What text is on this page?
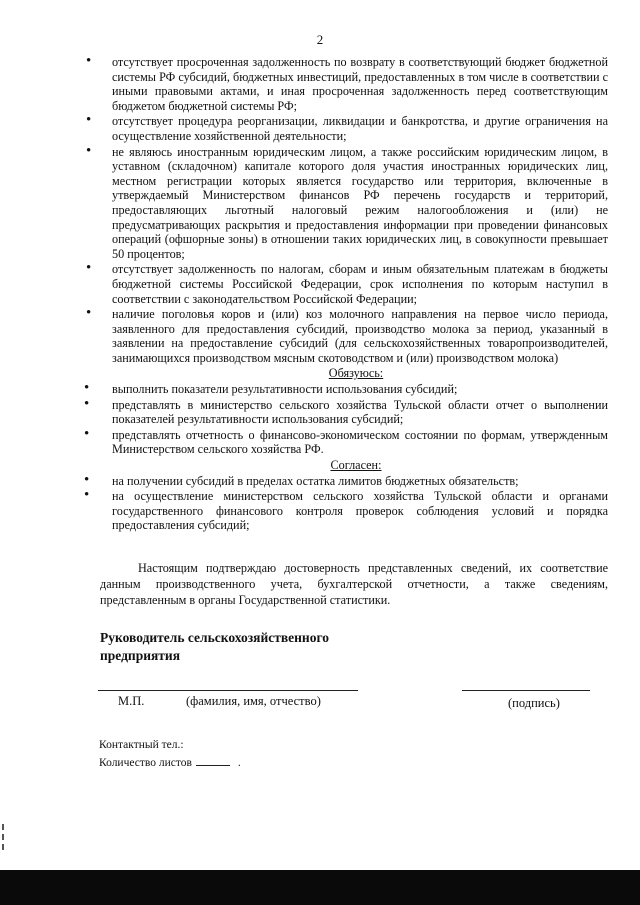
2
• отсутствует просроченная задолженность по возврату в соответствующий бюджет бюджетной системы РФ субсидий, бюджетных инвестиций, предоставленных в том числе в соответствии с иными правовыми актами, и иная просроченная задолженность перед соответствующим бюджетом бюджетной системы РФ;
• отсутствует процедура реорганизации, ликвидации и банкротства, и другие ограничения на осуществление хозяйственной деятельности;
• не являюсь иностранным юридическим лицом, а также российским юридическим лицом, в уставном (складочном) капитале которого доля участия иностранных юридических лиц, местном регистрации которых является государство или территория, включенные в утверждаемый Министерством финансов РФ перечень государств и территорий, предоставляющих льготный налоговый режим налогообложения и (или) не предусматривающих раскрытия и предоставления информации при проведении финансовых операций (офшорные зоны) в отношении таких юридических лиц, в совокупности превышает 50 процентов;
• отсутствует задолженность по налогам, сборам и иным обязательным платежам в бюджеты бюджетной системы Российской Федерации, срок исполнения по которым наступил в соответствии с законодательством Российской Федерации;
• наличие поголовья коров и (или) коз молочного направления на первое число периода, заявленного для предоставления субсидий, производство молока за период, указанный в заявлении на предоставление субсидий (для сельскохозяйственных товаропроизводителей, занимающихся производством мясным скотоводством и (или) производством молока)
Обязуюсь:
• выполнить показатели результативности использования субсидий;
• представлять в министерство сельского хозяйства Тульской области отчет о выполнении показателей результативности использования субсидий;
• представлять отчетность о финансово-экономическом состоянии по формам, утвержденным Министерством сельского хозяйства РФ.
Согласен:
• на получении субсидий в пределах остатка лимитов бюджетных обязательств;
• на осуществление министерством сельского хозяйства Тульской области и органами государственного финансового контроля проверок соблюдения условий и порядка предоставления субсидий;
Настоящим подтверждаю достоверность представленных сведений, их соответствие данным производственного учета, бухгалтерской отчетности, а также сведениям, представленным в органы Государственной статистики.
Руководитель сельскохозяйственного
предприятия
М.П.	(фамилия, имя, отчество)	(подпись)
Контактный тел.:
Количество листов	.
